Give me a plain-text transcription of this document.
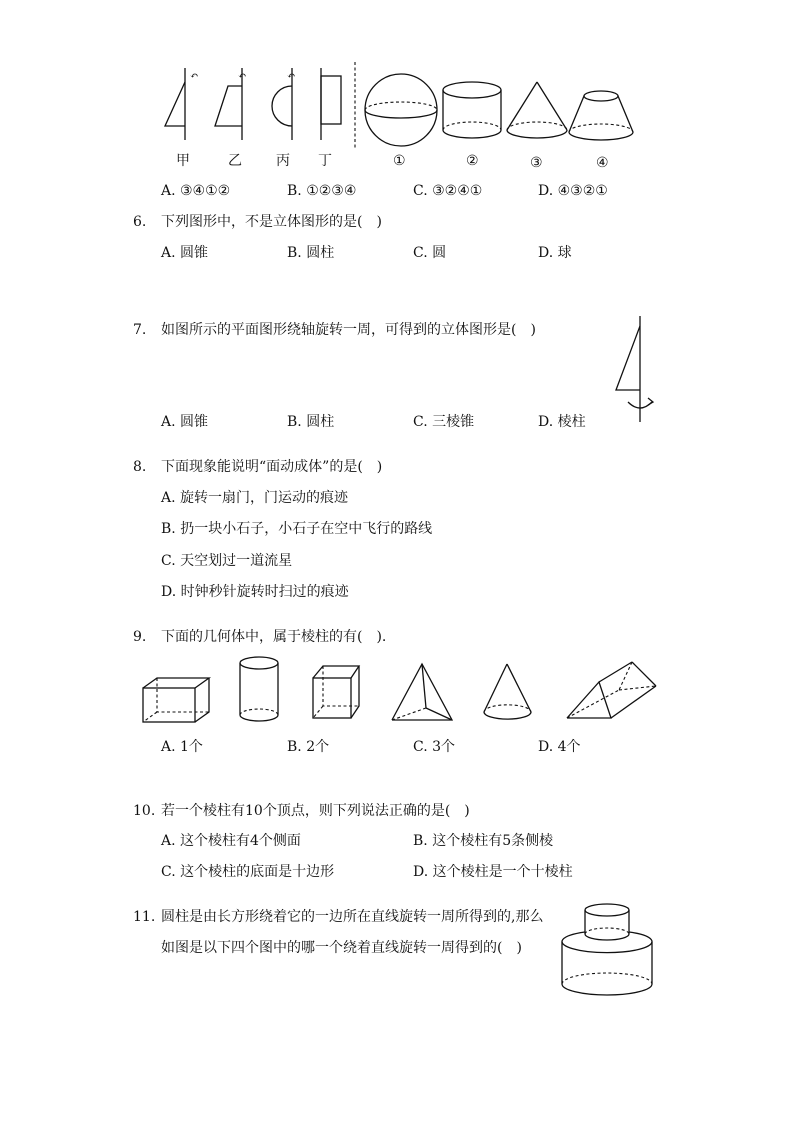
↶	↶	↶
甲	乙 丙 丁	①	②	③	④
A. ③④①②	B. ①②③④	C. ③②④①	D. ④③②①
6. 下列图形中，不是立体图形的是(　)
A. 圆锥	B. 圆柱	C. 圆	D. 球
7. 如图所示的平面图形绕轴旋转一周，可得到的立体图形是(　)
A. 圆锥	B. 圆柱	C. 三棱锥	D. 棱柱
8. 下面现象能说明“面动成体”的是(　)
A. 旋转一扇门，门运动的痕迹
B. 扔一块小石子，小石子在空中飞行的路线
C. 天空划过一道流星
D. 时钟秒针旋转时扫过的痕迹
9. 下面的几何体中，属于棱柱的有(　).
A. 1个	B. 2个	C. 3个	D. 4个
10. 若一个棱柱有10个顶点，则下列说法正确的是(　)
A. 这个棱柱有4个侧面	B. 这个棱柱有5条侧棱
C. 这个棱柱的底面是十边形	D. 这个棱柱是一个十棱柱
11. 圆柱是由长方形绕着它的一边所在直线旋转一周所得到的,那么
如图是以下四个图中的哪一个绕着直线旋转一周得到的(　)
